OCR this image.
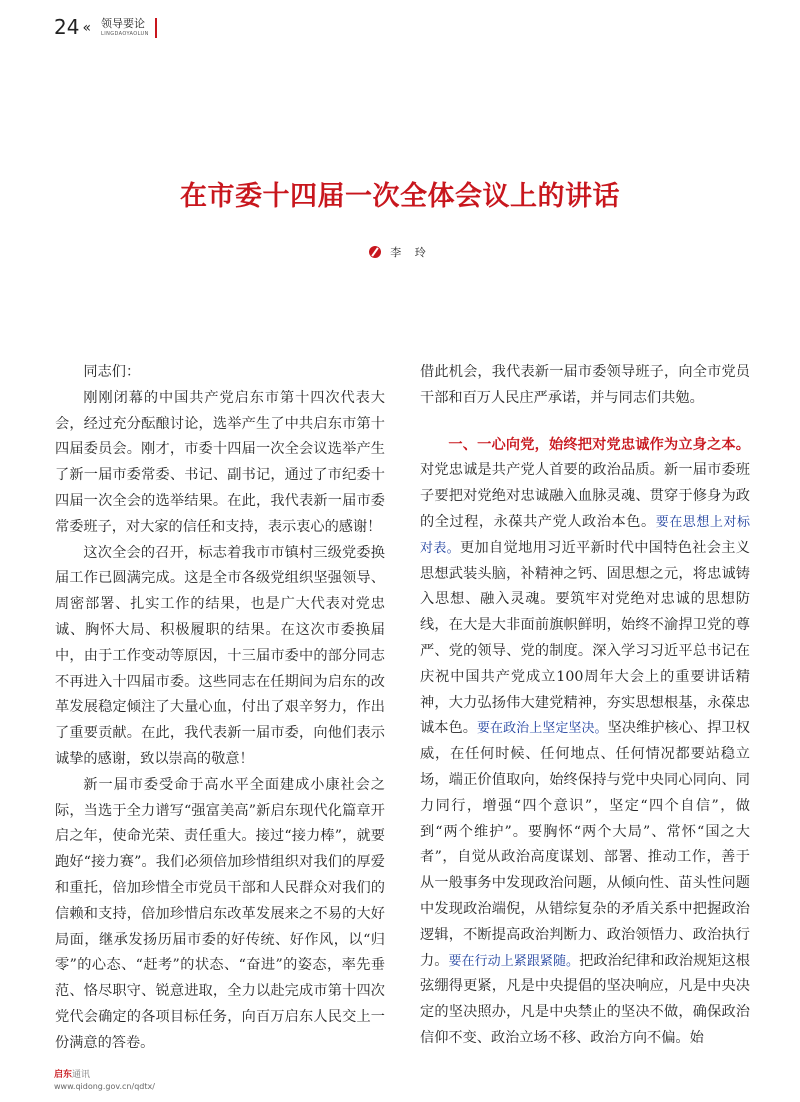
24 « 领导要论
LINGDAOYAOLUN
在市委十四届一次全体会议上的讲话
李 玲

同志们：

刚刚闭幕的中国共产党启东市第十四次代表大会，经过充分酝酿讨论，选举产生了中共启东市第十四届委员会。刚才，市委十四届一次全会议选举产生了新一届市委常委、书记、副书记，通过了市纪委十四届一次全会的选举结果。在此，我代表新一届市委常委班子，对大家的信任和支持，表示衷心的感谢！

这次全会的召开，标志着我市市镇村三级党委换届工作已圆满完成。这是全市各级党组织坚强领导、周密部署、扎实工作的结果，也是广大代表对党忠诚、胸怀大局、积极履职的结果。在这次市委换届中，由于工作变动等原因，十三届市委中的部分同志不再进入十四届市委。这些同志在任期间为启东的改革发展稳定倾注了大量心血，付出了艰辛努力，作出了重要贡献。在此，我代表新一届市委，向他们表示诚挚的感谢，致以崇高的敬意！

新一届市委受命于高水平全面建成小康社会之际，当选于全力谱写“强富美高”新启东现代化篇章开启之年，使命光荣、责任重大。接过“接力棒”，就要跑好“接力赛”。我们必须倍加珍惜组织对我们的厚爱和重托，倍加珍惜全市党员干部和人民群众对我们的信赖和支持，倍加珍惜启东改革发展来之不易的大好局面，继承发扬历届市委的好传统、好作风，以“归零”的心态、“赶考”的状态、“奋进”的姿态，率先垂范、恪尽职守、锐意进取，全力以赴完成市第十四次党代会确定的各项目标任务，向百万启东人民交上一份满意的答卷。

借此机会，我代表新一届市委领导班子，向全市党员干部和百万人民庄严承诺，并与同志们共勉。

一、一心向党，始终把对党忠诚作为立身之本。对党忠诚是共产党人首要的政治品质。新一届市委班子要把对党绝对忠诚融入血脉灵魂、贯穿于修身为政的全过程，永葆共产党人政治本色。要在思想上对标对表。更加自觉地用习近平新时代中国特色社会主义思想武装头脑，补精神之钙、固思想之元，将忠诚铸入思想、融入灵魂。要筑牢对党绝对忠诚的思想防线，在大是大非面前旗帜鲜明，始终不渝捍卫党的尊严、党的领导、党的制度。深入学习习近平总书记在庆祝中国共产党成立100周年大会上的重要讲话精神，大力弘扬伟大建党精神，夯实思想根基，永葆忠诚本色。要在政治上坚定坚决。坚决维护核心、捍卫权威，在任何时候、任何地点、任何情况都要站稳立场，端正价值取向，始终保持与党中央同心同向、同力同行，增强“四个意识”，坚定“四个自信”，做到“两个维护”。要胸怀“两个大局”、常怀“国之大者”，自觉从政治高度谋划、部署、推动工作，善于从一般事务中发现政治问题，从倾向性、苗头性问题中发现政治端倪，从错综复杂的矛盾关系中把握政治逻辑，不断提高政治判断力、政治领悟力、政治执行力。要在行动上紧跟紧随。把政治纪律和政治规矩这根弦绷得更紧，凡是中央提倡的坚决响应，凡是中央决定的坚决照办，凡是中央禁止的坚决不做，确保政治信仰不变、政治立场不移、政治方向不偏。始

启东通讯
www.qidong.gov.cn/qdtx/
